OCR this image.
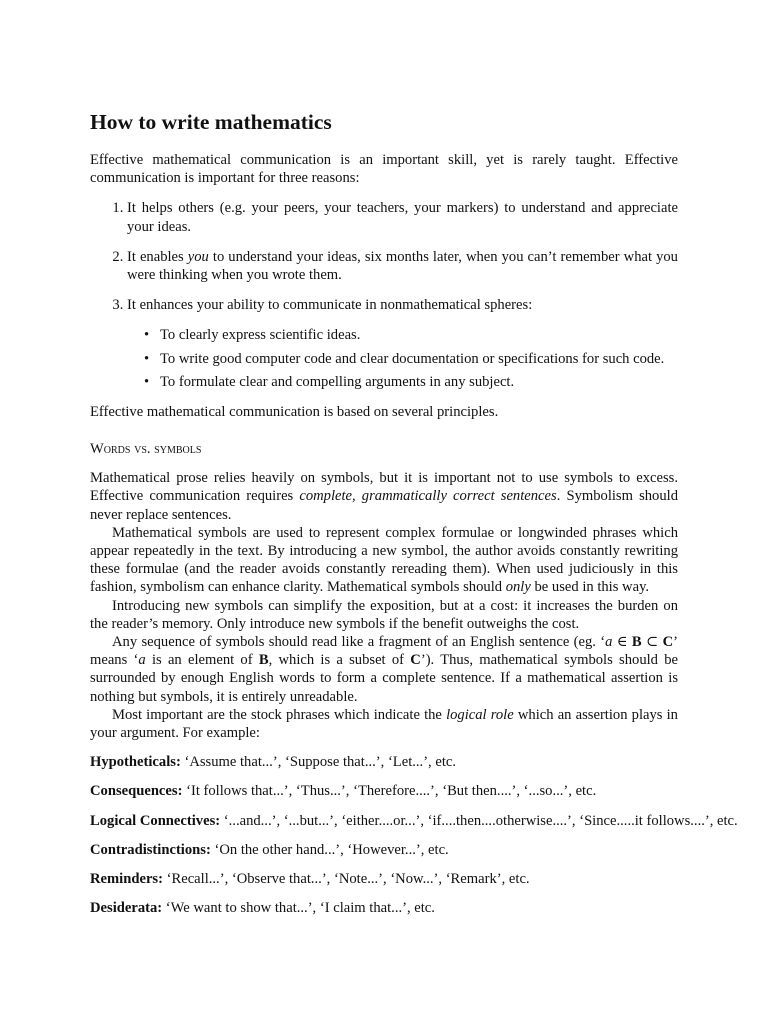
How to write mathematics

Effective mathematical communication is an important skill, yet is rarely taught. Effective communication is important for three reasons:

1. It helps others (e.g. your peers, your teachers, your markers) to understand and appreciate your ideas.
2. It enables you to understand your ideas, six months later, when you can’t remember what you were thinking when you wrote them.
3. It enhances your ability to communicate in nonmathematical spheres:
• To clearly express scientific ideas.
• To write good computer code and clear documentation or specifications for such code.
• To formulate clear and compelling arguments in any subject.

Effective mathematical communication is based on several principles.

Words vs. symbols

Mathematical prose relies heavily on symbols, but it is important not to use symbols to excess. Effective communication requires complete, grammatically correct sentences. Symbolism should never replace sentences.

Mathematical symbols are used to represent complex formulae or longwinded phrases which appear repeatedly in the text. By introducing a new symbol, the author avoids constantly rewriting these formulae (and the reader avoids constantly rereading them). When used judiciously in this fashion, symbolism can enhance clarity. Mathematical symbols should only be used in this way.

Introducing new symbols can simplify the exposition, but at a cost: it increases the burden on the reader’s memory. Only introduce new symbols if the benefit outweighs the cost.

Any sequence of symbols should read like a fragment of an English sentence (eg. ‘a ∈ B ⊂ C’ means ‘a is an element of B, which is a subset of C’). Thus, mathematical symbols should be surrounded by enough English words to form a complete sentence. If a mathematical assertion is nothing but symbols, it is entirely unreadable.

Most important are the stock phrases which indicate the logical role which an assertion plays in your argument. For example:

Hypotheticals: ‘Assume that...’, ‘Suppose that...’, ‘Let...’, etc.
Consequences: ‘It follows that...’, ‘Thus...’, ‘Therefore....’, ‘But then....’, ‘...so...’, etc.
Logical Connectives: ‘...and...’, ‘...but...’, ‘either....or...’, ‘if....then....otherwise....’, ‘Since.....it follows....’, etc.
Contradistinctions: ‘On the other hand...’, ‘However...’, etc.
Reminders: ‘Recall...’, ‘Observe that...’, ‘Note...’, ‘Now...’, ‘Remark’, etc.
Desiderata: ‘We want to show that...’, ‘I claim that...’, etc.
